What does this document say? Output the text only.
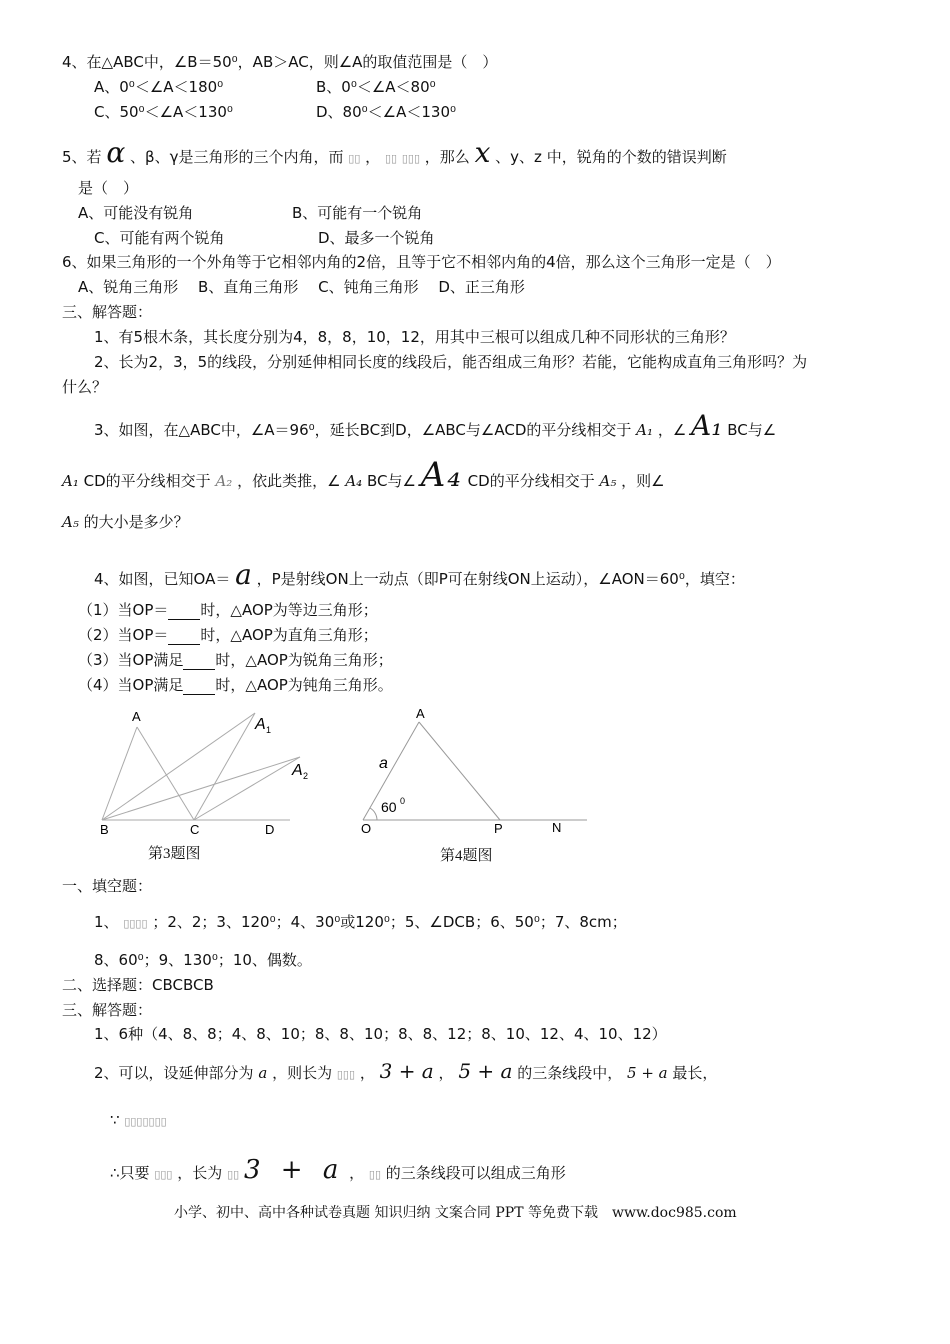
4、在△ABC中，∠B＝50⁰，AB＞AC，则∠A的取值范围是（　）
A、0⁰＜∠A＜180⁰	B、0⁰＜∠A＜80⁰
C、50⁰＜∠A＜130⁰	D、80⁰＜∠A＜130⁰
5、若 α 、β、γ是三角形的三个内角，而 ▯▯ ， ▯▯ ▯▯▯ ，那么 x 、y、z 中，锐角的个数的错误判断
是（　）
A、可能没有锐角	B、可能有一个锐角
C、可能有两个锐角	D、最多一个锐角
6、如果三角形的一个外角等于它相邻内角的2倍，且等于它不相邻内角的4倍，那么这个三角形一定是（　）
A、锐角三角形　 B、直角三角形　 C、钝角三角形　 D、正三角形
三、解答题：
1、有5根木条，其长度分别为4，8，8，10，12，用其中三根可以组成几种不同形状的三角形？
2、长为2，3，5的线段，分别延伸相同长度的线段后，能否组成三角形？若能，它能构成直角三角形吗？为
什么？
3、如图，在△ABC中，∠A＝96⁰，延长BC到D，∠ABC与∠ACD的平分线相交于 A₁ ，∠ A₁ BC与∠
A₁ CD的平分线相交于 A₂ ，依此类推，∠ A₄ BC与∠ A₄ CD的平分线相交于 A₅ ，则∠
A₅ 的大小是多少？
4、如图，已知OA＝ a ，P是射线ON上一动点（即P可在射线ON上运动），∠AON＝60⁰，填空：
（1）当OP＝ 时，△AOP为等边三角形；
（2）当OP＝ 时，△AOP为直角三角形；
（3）当OP满足 时，△AOP为锐角三角形；
（4）当OP满足 时，△AOP为钝角三角形。
A	A 1
A 2
B	C	D
第3题图
A
a
60 0
O	P	N
第4题图
一、填空题：
1、 ▯▯▯▯ ；2、2；3、120⁰；4、30⁰或120⁰；5、∠DCB；6、50⁰；7、8cm；
8、60⁰；9、130⁰；10、偶数。
二、选择题：CBCBCB
三、解答题：
1、6种（4、8、8；4、8、10；8、8、10；8、8、12；8、10、12、4、10、12）
2、可以，设延伸部分为 a ，则长为 ▯▯▯ ， 3 + a ， 5 + a 的三条线段中， 5 + a 最长，
∵ ▯▯▯▯▯▯▯
∴只要 ▯▯▯ ，长为 ▯▯ 3 + a ， ▯▯ 的三条线段可以组成三角形
小学、初中、高中各种试卷真题 知识归纳 文案合同 PPT 等免费下载　www.doc985.com
